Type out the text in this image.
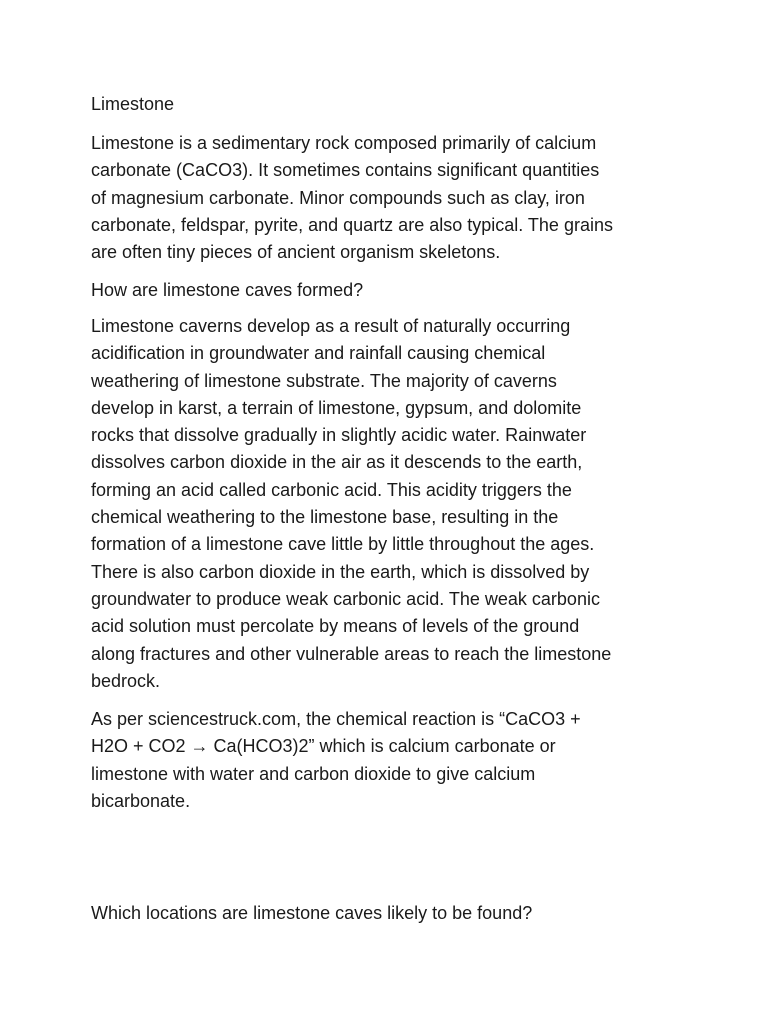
Limestone
Limestone is a sedimentary rock composed primarily of calcium
carbonate (CaCO3). It sometimes contains significant quantities
of magnesium carbonate. Minor compounds such as clay, iron
carbonate, feldspar, pyrite, and quartz are also typical. The grains
are often tiny pieces of ancient organism skeletons.
How are limestone caves formed?
Limestone caverns develop as a result of naturally occurring
acidification in groundwater and rainfall causing chemical
weathering of limestone substrate. The majority of caverns
develop in karst, a terrain of limestone, gypsum, and dolomite
rocks that dissolve gradually in slightly acidic water. Rainwater
dissolves carbon dioxide in the air as it descends to the earth,
forming an acid called carbonic acid. This acidity triggers the
chemical weathering to the limestone base, resulting in the
formation of a limestone cave little by little throughout the ages.
There is also carbon dioxide in the earth, which is dissolved by
groundwater to produce weak carbonic acid. The weak carbonic
acid solution must percolate by means of levels of the ground
along fractures and other vulnerable areas to reach the limestone
bedrock.
As per sciencestruck.com, the chemical reaction is “CaCO3 +
H2O + CO2 → Ca(HCO3)2” which is calcium carbonate or
limestone with water and carbon dioxide to give calcium
bicarbonate.
Which locations are limestone caves likely to be found?
